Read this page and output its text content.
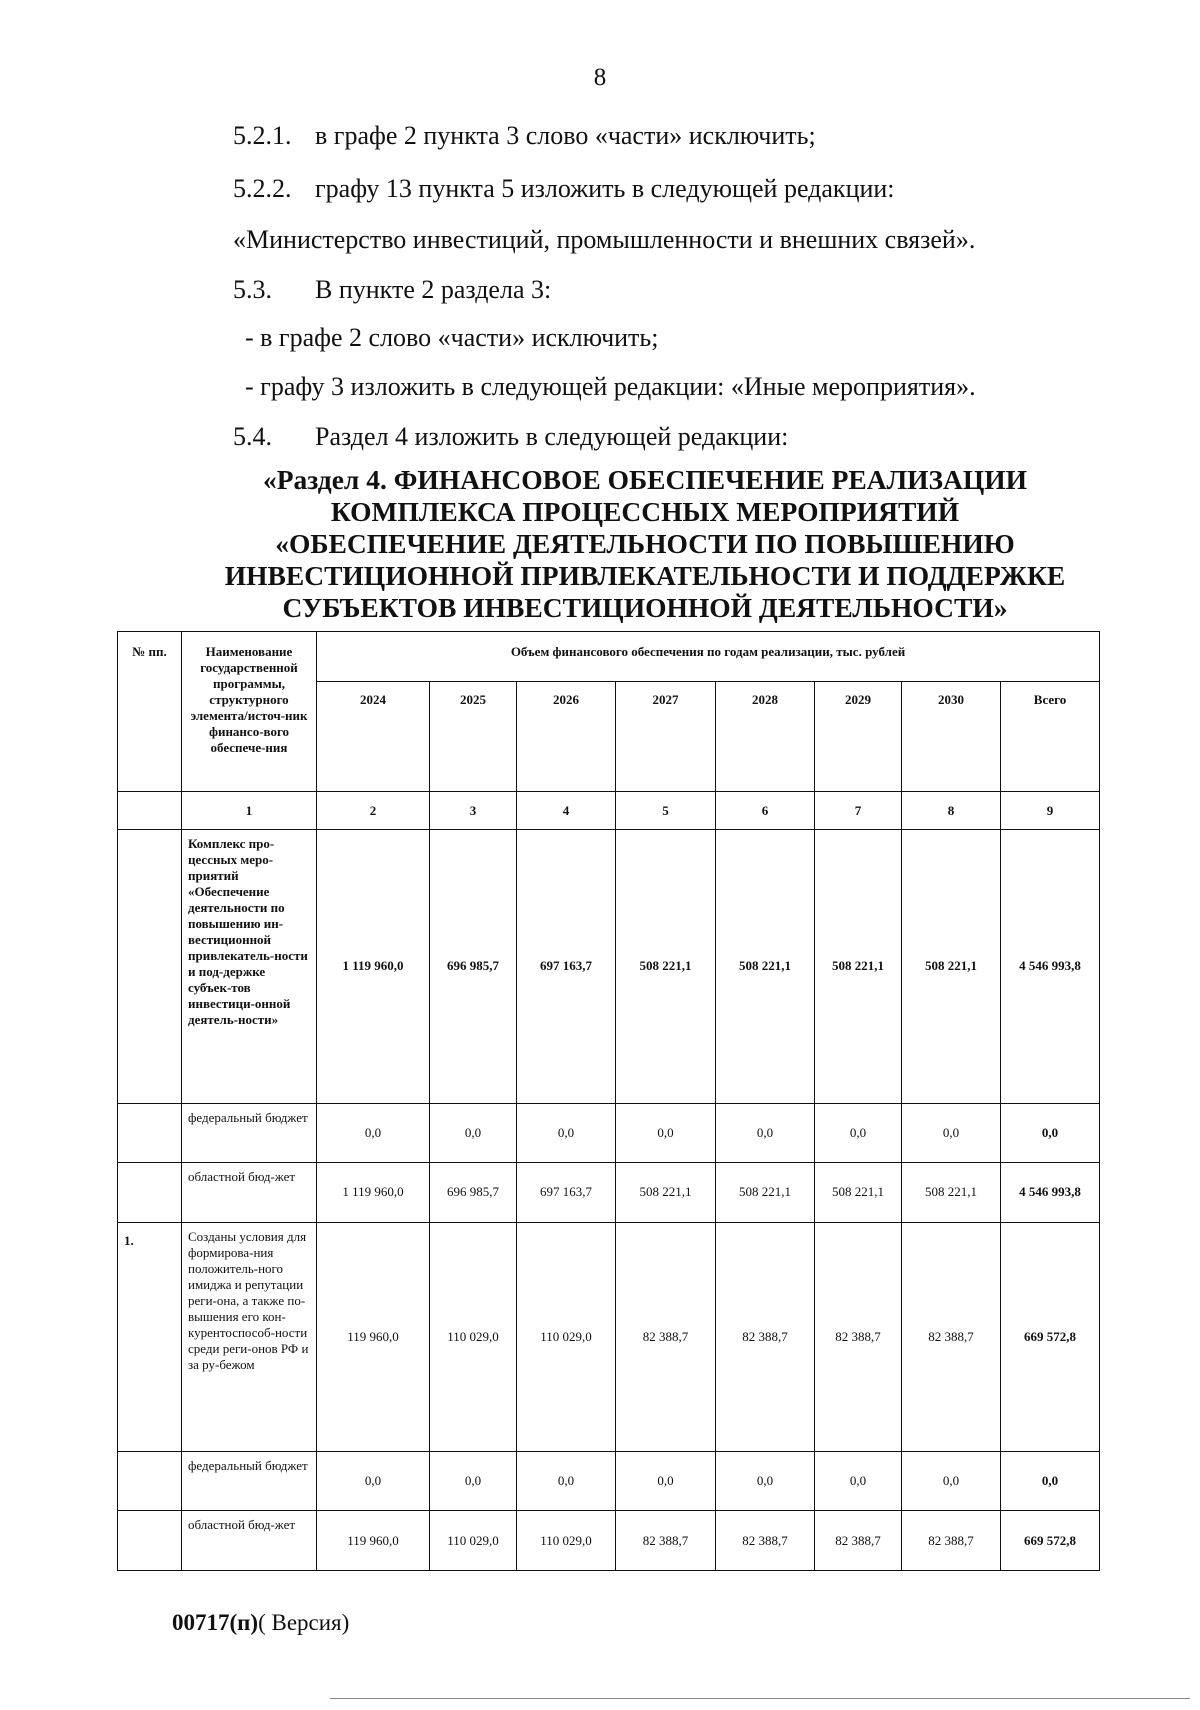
8
5.2.1. в графе 2 пункта 3 слово «части» исключить;
5.2.2. графу 13 пункта 5 изложить в следующей редакции:
«Министерство инвестиций, промышленности и внешних связей».
5.3. В пункте 2 раздела 3:
- в графе 2 слово «части» исключить;
- графу 3 изложить в следующей редакции: «Иные мероприятия».
5.4. Раздел 4 изложить в следующей редакции:
«Раздел 4. ФИНАНСОВОЕ ОБЕСПЕЧЕНИЕ РЕАЛИЗАЦИИ
КОМПЛЕКСА ПРОЦЕССНЫХ МЕРОПРИЯТИЙ
«ОБЕСПЕЧЕНИЕ ДЕЯТЕЛЬНОСТИ ПО ПОВЫШЕНИЮ
ИНВЕСТИЦИОННОЙ ПРИВЛЕКАТЕЛЬНОСТИ И ПОДДЕРЖКЕ
СУБЪЕКТОВ ИНВЕСТИЦИОННОЙ ДЕЯТЕЛЬНОСТИ»
№ пп.	Наименование государственной программы, структурного элемента/источ-ник финансо-вого обеспече-ния	Объем финансового обеспечения по годам реализации, тыс. рублей							
		2024	2025	2026	2027	2028	2029	2030	Всего
	1	2	3	4	5	6	7	8	9
	Комплекс про-цессных меро-приятий «Обеспечение деятельности по повышению ин-вестиционной привлекатель-ности и под-держке субъек-тов инвестици-онной деятель-ности»	1 119 960,0	696 985,7	697 163,7	508 221,1	508 221,1	508 221,1	508 221,1	4 546 993,8
	федеральный бюджет	0,0	0,0	0,0	0,0	0,0	0,0	0,0	0,0
	областной бюд-жет	1 119 960,0	696 985,7	697 163,7	508 221,1	508 221,1	508 221,1	508 221,1	4 546 993,8
1.	Созданы условия для формирова-ния положитель-ного имиджа и репутации реги-она, а также по-вышения его кон-курентоспособ-ности среди реги-онов РФ и за ру-бежом	119 960,0	110 029,0	110 029,0	82 388,7	82 388,7	82 388,7	82 388,7	669 572,8
	федеральный бюджет	0,0	0,0	0,0	0,0	0,0	0,0	0,0	0,0
	областной бюд-жет	119 960,0	110 029,0	110 029,0	82 388,7	82 388,7	82 388,7	82 388,7	669 572,8
00717(п)( Версия)
